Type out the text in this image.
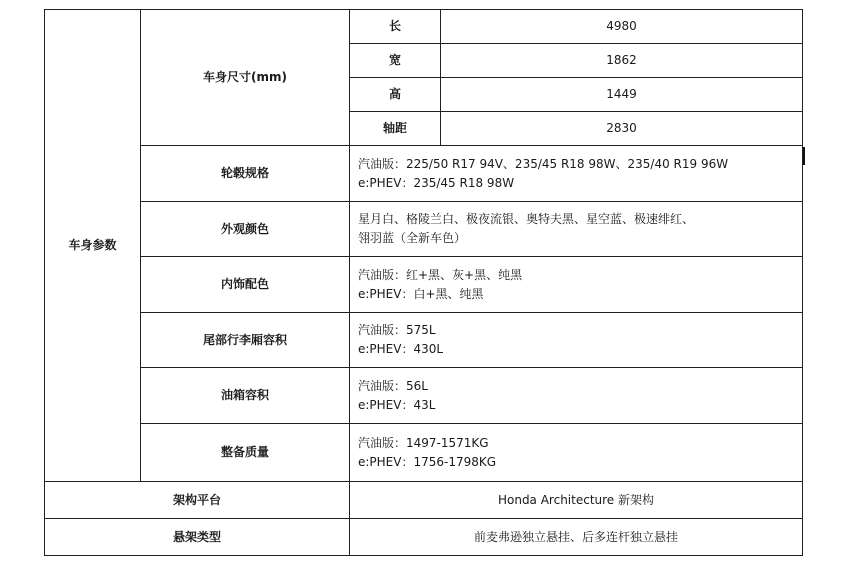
车身参数	车身尺寸(mm)	长	4980
		宽	1862
		高	1449
		轴距	2830
	轮毂规格	汽油版：225/50 R17 94V、235/45 R18 98W、235/40 R19 96W
e:PHEV：235/45 R18 98W	

	外观颜色	星月白、格陵兰白、极夜流银、奥特夫黑、星空蓝、极速绯红、
翎羽蓝（全新车色）	

	内饰配色	汽油版：红+黑、灰+黑、纯黑
e:PHEV：白+黑、纯黑	

	尾部行李厢容积	汽油版：575L
e:PHEV：430L	

	油箱容积	汽油版：56L
e:PHEV：43L	

	整备质量	汽油版：1497-1571KG
e:PHEV：1756-1798KG	

架构平台		Honda Architecture 新架构	
悬架类型		前麦弗逊独立悬挂、后多连杆独立悬挂	
